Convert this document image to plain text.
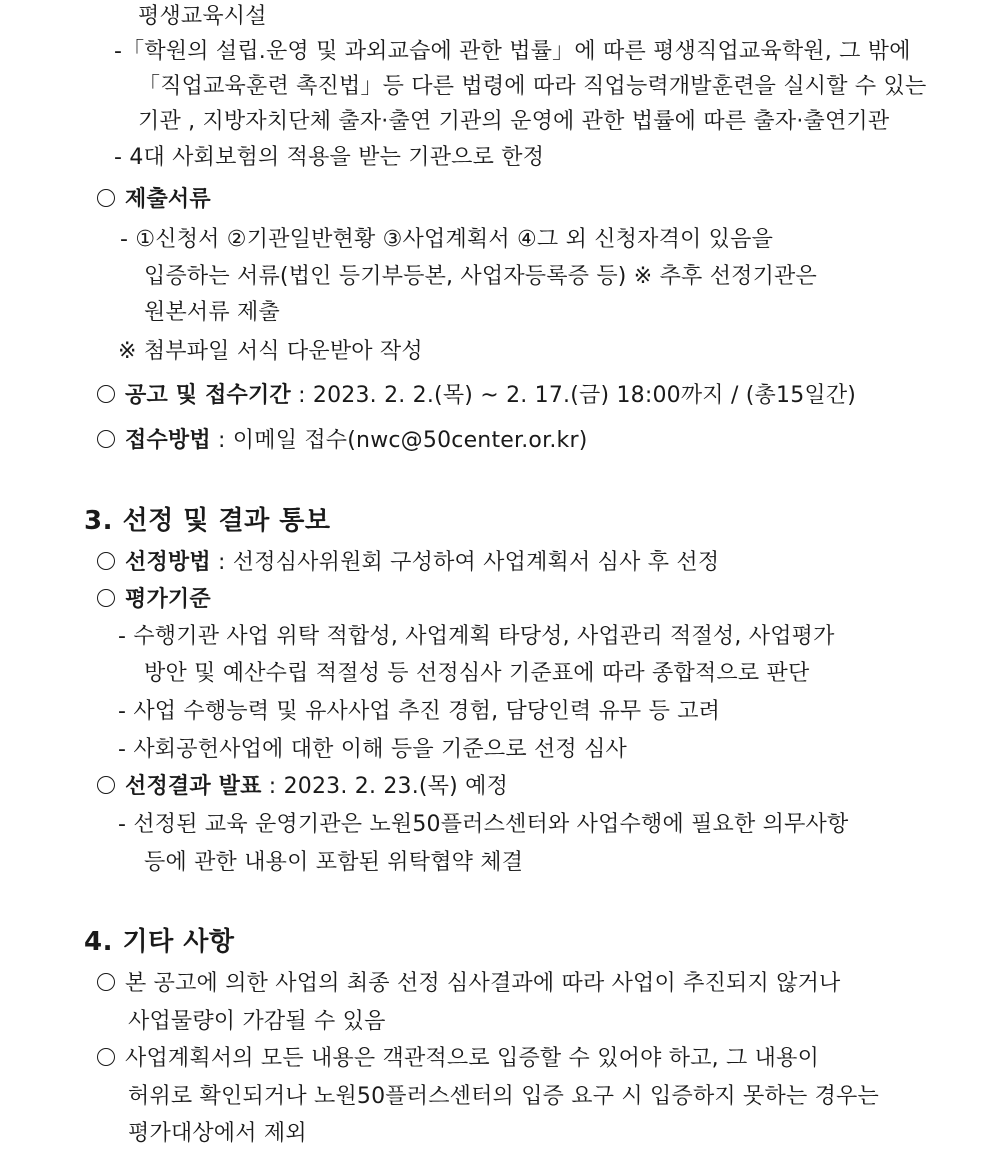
평생교육시설
-「학원의 설립.운영 및 과외교습에 관한 법률」에 따른 평생직업교육학원, 그 밖에
「직업교육훈련 촉진법」등 다른 법령에 따라 직업능력개발훈련을 실시할 수 있는
기관 , 지방자치단체 출자·출연 기관의 운영에 관한 법률에 따른 출자·출연기관
- 4대 사회보험의 적용을 받는 기관으로 한정
제출서류
- ①신청서 ②기관일반현황 ③사업계획서 ④그 외 신청자격이 있음을
입증하는 서류(법인 등기부등본, 사업자등록증 등) ※ 추후 선정기관은
원본서류 제출
※ 첨부파일 서식 다운받아 작성
공고 및 접수기간 : 2023. 2. 2.(목) ~ 2. 17.(금) 18:00까지 / (총15일간)
접수방법 : 이메일 접수(nwc@50center.or.kr)
3. 선정 및 결과 통보
선정방법 : 선정심사위원회 구성하여 사업계획서 심사 후 선정
평가기준
- 수행기관 사업 위탁 적합성, 사업계획 타당성, 사업관리 적절성, 사업평가
방안 및 예산수립 적절성 등 선정심사 기준표에 따라 종합적으로 판단
- 사업 수행능력 및 유사사업 추진 경험, 담당인력 유무 등 고려
- 사회공헌사업에 대한 이해 등을 기준으로 선정 심사
선정결과 발표 : 2023. 2. 23.(목) 예정
- 선정된 교육 운영기관은 노원50플러스센터와 사업수행에 필요한 의무사항
등에 관한 내용이 포함된 위탁협약 체결
4. 기타 사항
본 공고에 의한 사업의 최종 선정 심사결과에 따라 사업이 추진되지 않거나
사업물량이 가감될 수 있음
사업계획서의 모든 내용은 객관적으로 입증할 수 있어야 하고, 그 내용이
허위로 확인되거나 노원50플러스센터의 입증 요구 시 입증하지 못하는 경우는
평가대상에서 제외
